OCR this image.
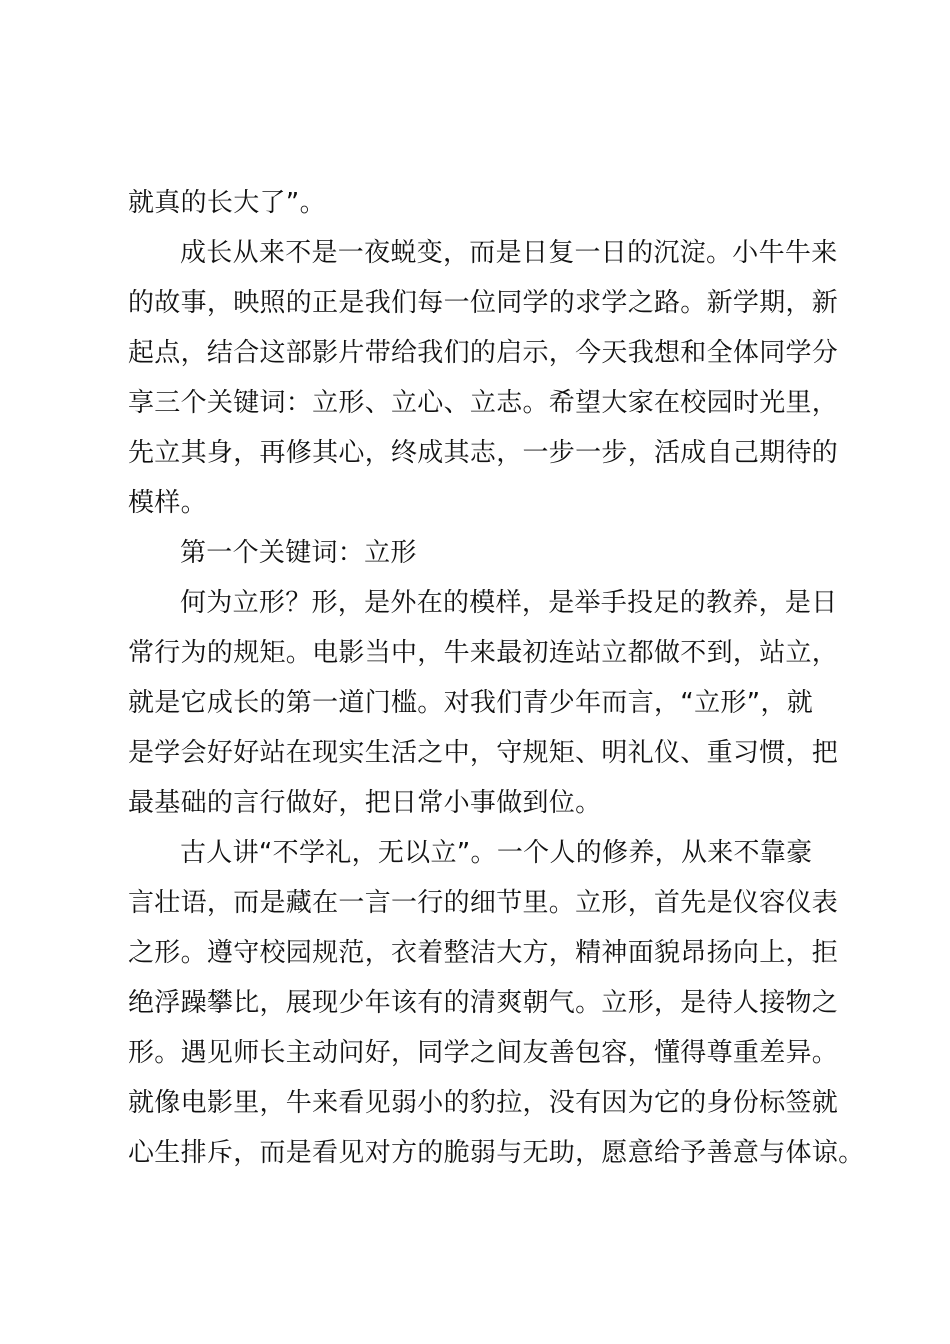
就真的长大了”。
成长从来不是一夜蜕变，而是日复一日的沉淀。小牛牛来
的故事，映照的正是我们每一位同学的求学之路。新学期，新
起点，结合这部影片带给我们的启示，今天我想和全体同学分
享三个关键词：立形、立心、立志。希望大家在校园时光里，
先立其身，再修其心，终成其志，一步一步，活成自己期待的
模样。
第一个关键词：立形
何为立形？形，是外在的模样，是举手投足的教养，是日
常行为的规矩。电影当中，牛来最初连站立都做不到，站立，
就是它成长的第一道门槛。对我们青少年而言，“立形”，就
是学会好好站在现实生活之中，守规矩、明礼仪、重习惯，把
最基础的言行做好，把日常小事做到位。
古人讲“不学礼，无以立”。一个人的修养，从来不靠豪
言壮语，而是藏在一言一行的细节里。立形，首先是仪容仪表
之形。遵守校园规范，衣着整洁大方，精神面貌昂扬向上，拒
绝浮躁攀比，展现少年该有的清爽朝气。立形，是待人接物之
形。遇见师长主动问好，同学之间友善包容，懂得尊重差异。
就像电影里，牛来看见弱小的豹拉，没有因为它的身份标签就
心生排斥，而是看见对方的脆弱与无助，愿意给予善意与体谅。
